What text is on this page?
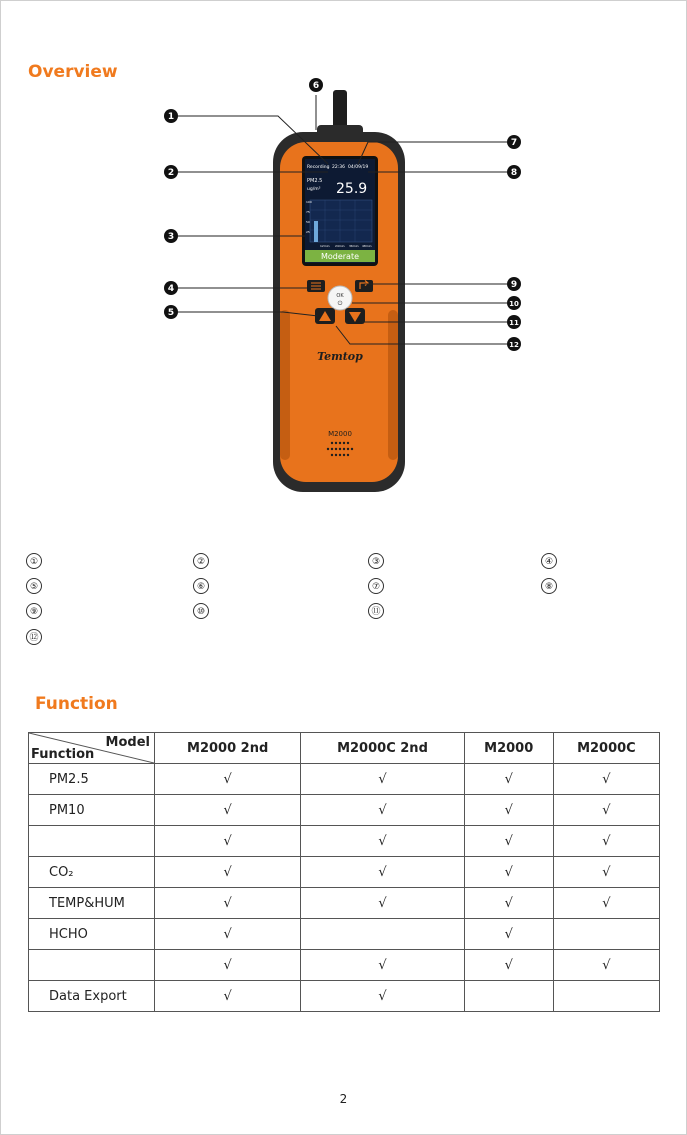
Overview
Recording 22:36 04/09/19
PM2.5
ug/m³ 25.9
100
75
50
25
12min 24min 36min 48min
Moderate
OK
⏻
Temtop
M2000
1
2
3
4
5
6
7
8
9
10
11
12
①	②	③	④
⑤	⑥	⑦	⑧
⑨	⑩	⑪
⑫
Function
Model
Function	M2000 2nd	M2000C 2nd	M2000	M2000C
PM2.5	√	√	√	√
PM10	√	√	√	√
	√	√	√	√
CO₂	√	√	√	√
TEMP&HUM	√	√	√	√
HCHO	√		√	
	√	√	√	√
Data Export	√	√		
2
